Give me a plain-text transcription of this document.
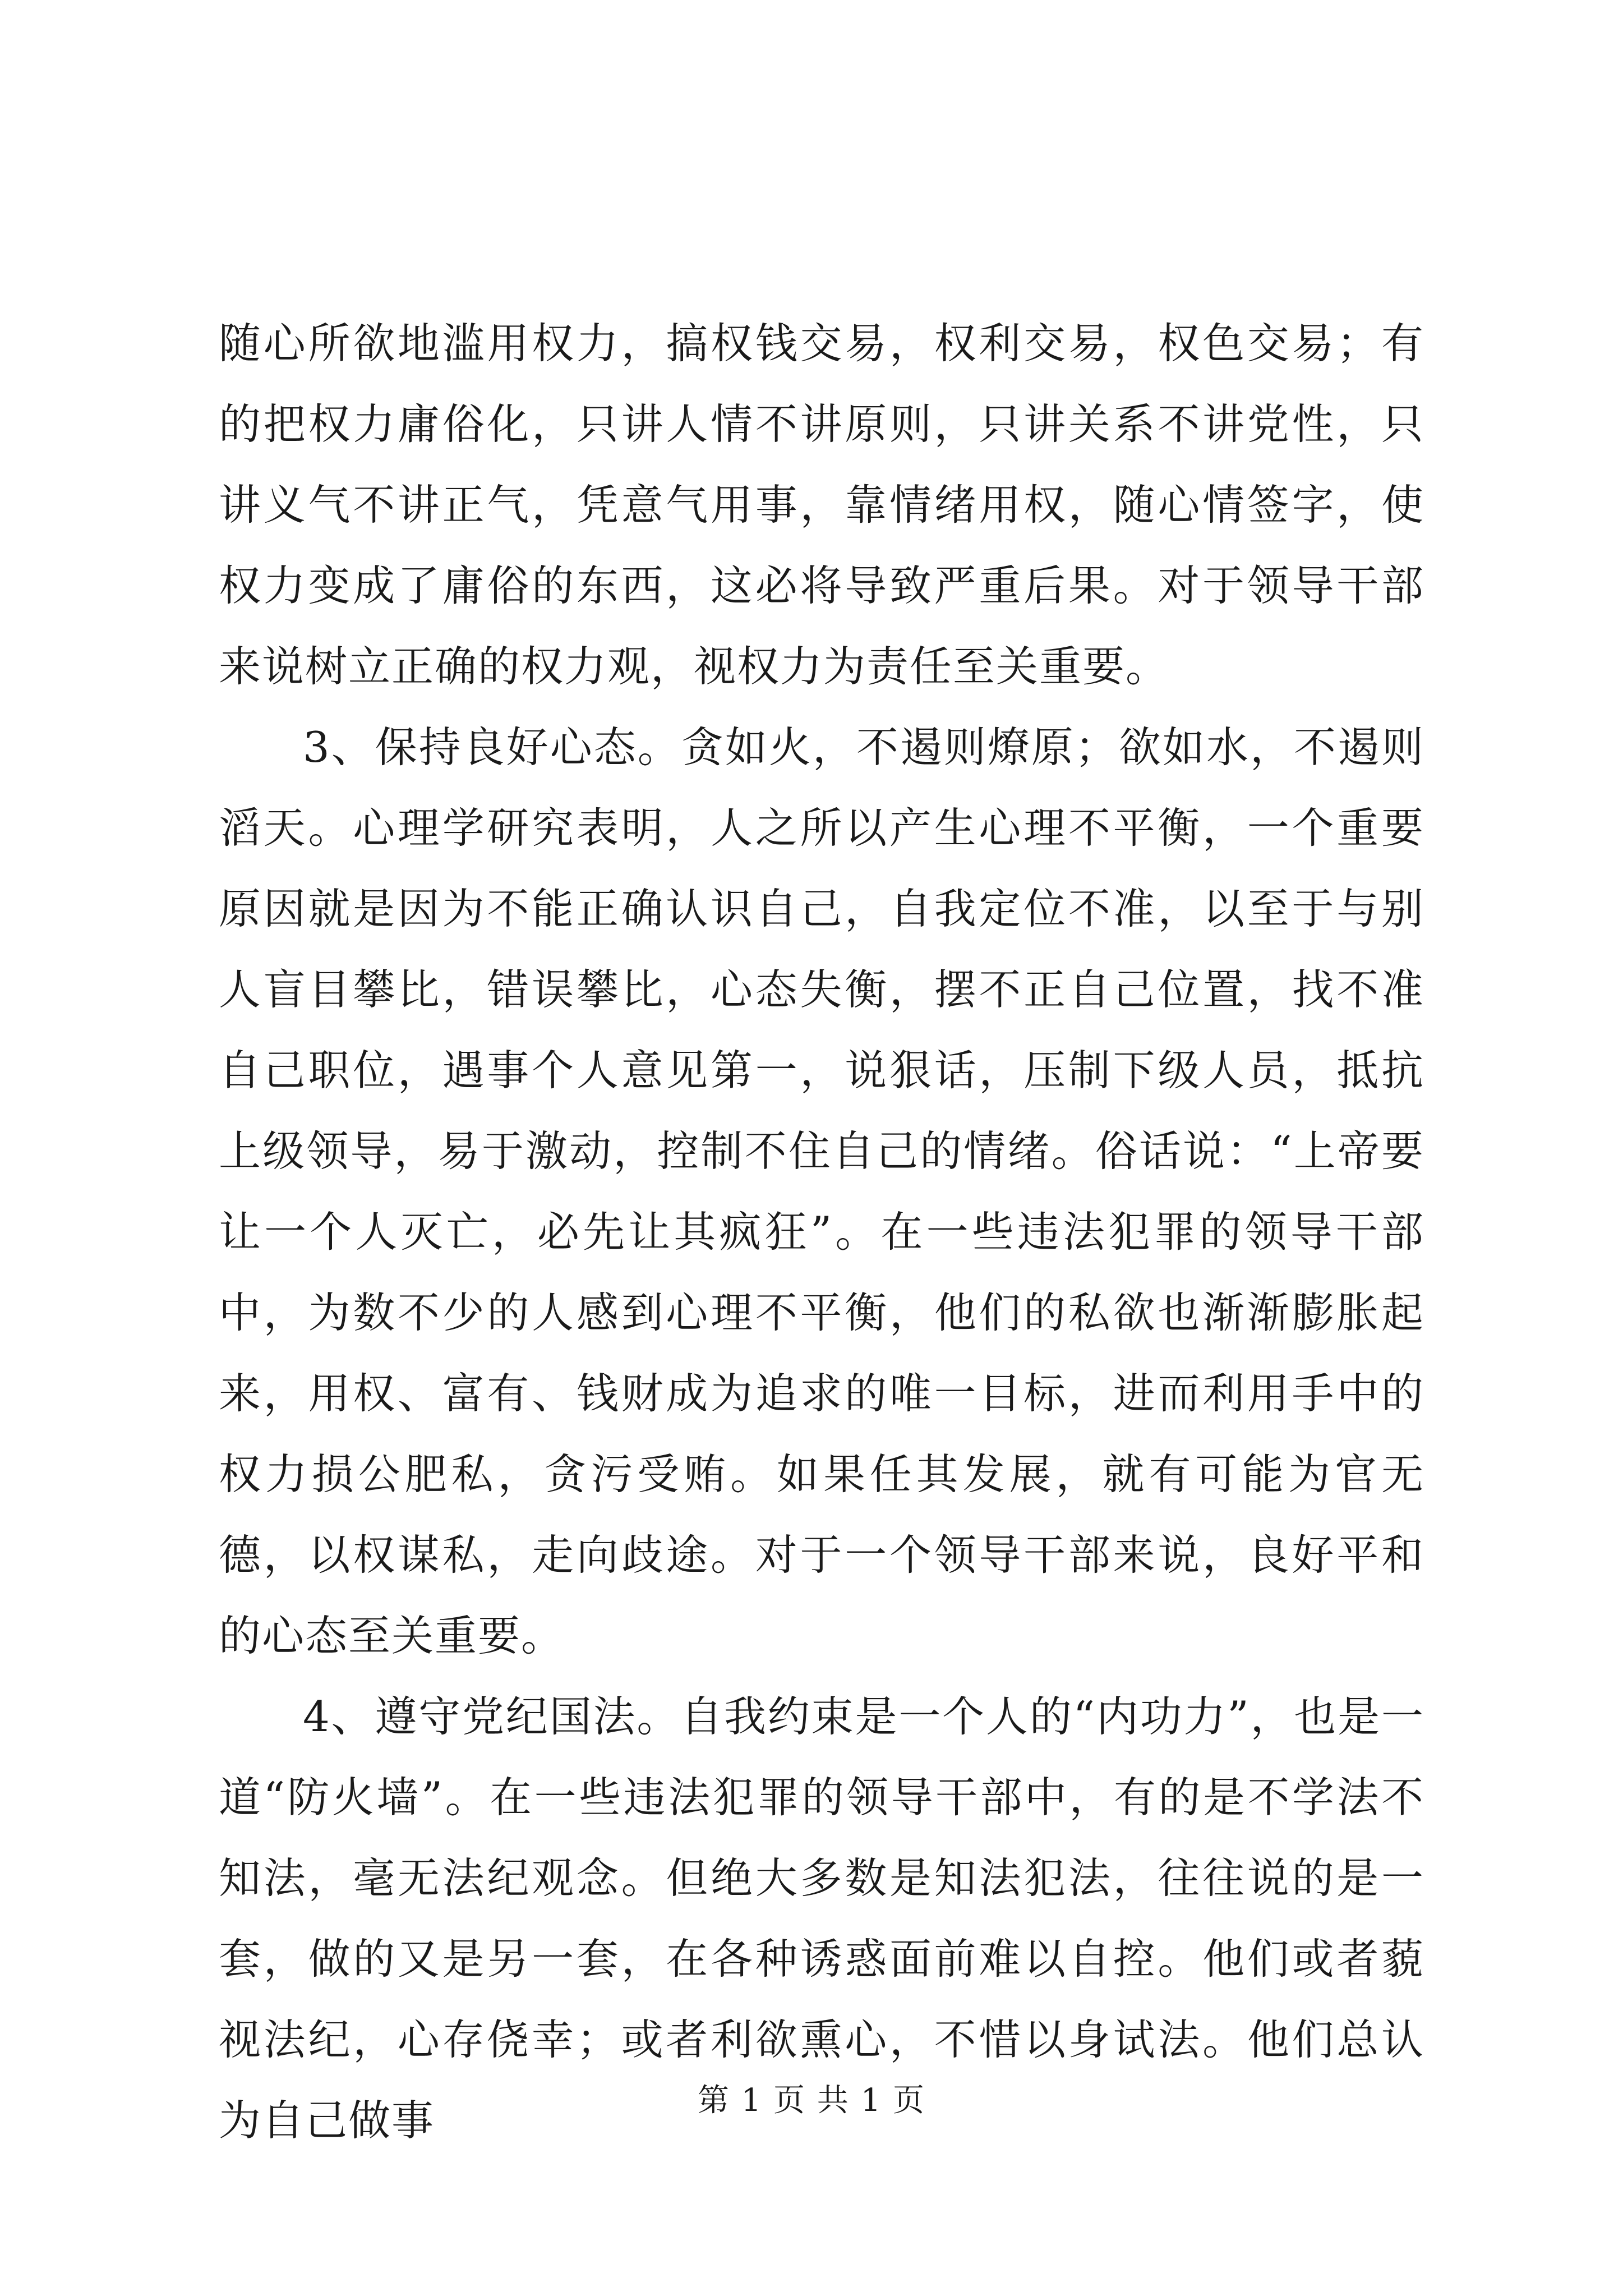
随心所欲地滥用权力，搞权钱交易，权利交易，权色交易；有的把权力庸俗化，只讲人情不讲原则，只讲关系不讲党性，只讲义气不讲正气，凭意气用事，靠情绪用权，随心情签字，使权力变成了庸俗的东西，这必将导致严重后果。对于领导干部来说树立正确的权力观，视权力为责任至关重要。

3、保持良好心态。贪如火，不遏则燎原；欲如水，不遏则滔天。心理学研究表明，人之所以产生心理不平衡，一个重要原因就是因为不能正确认识自己，自我定位不准，以至于与别人盲目攀比，错误攀比，心态失衡，摆不正自己位置，找不准自己职位，遇事个人意见第一，说狠话，压制下级人员，抵抗上级领导，易于激动，控制不住自己的情绪。俗话说：“上帝要让一个人灭亡，必先让其疯狂”。在一些违法犯罪的领导干部中，为数不少的人感到心理不平衡，他们的私欲也渐渐膨胀起来，用权、富有、钱财成为追求的唯一目标，进而利用手中的权力损公肥私，贪污受贿。如果任其发展，就有可能为官无德，以权谋私，走向歧途。对于一个领导干部来说，良好平和的心态至关重要。

4、遵守党纪国法。自我约束是一个人的“内功力”，也是一道“防火墙”。在一些违法犯罪的领导干部中，有的是不学法不知法，毫无法纪观念。但绝大多数是知法犯法，往往说的是一套，做的又是另一套，在各种诱惑面前难以自控。他们或者藐视法纪，心存侥幸；或者利欲熏心，不惜以身试法。他们总认为自己做事	第 1 页 共 1 页
